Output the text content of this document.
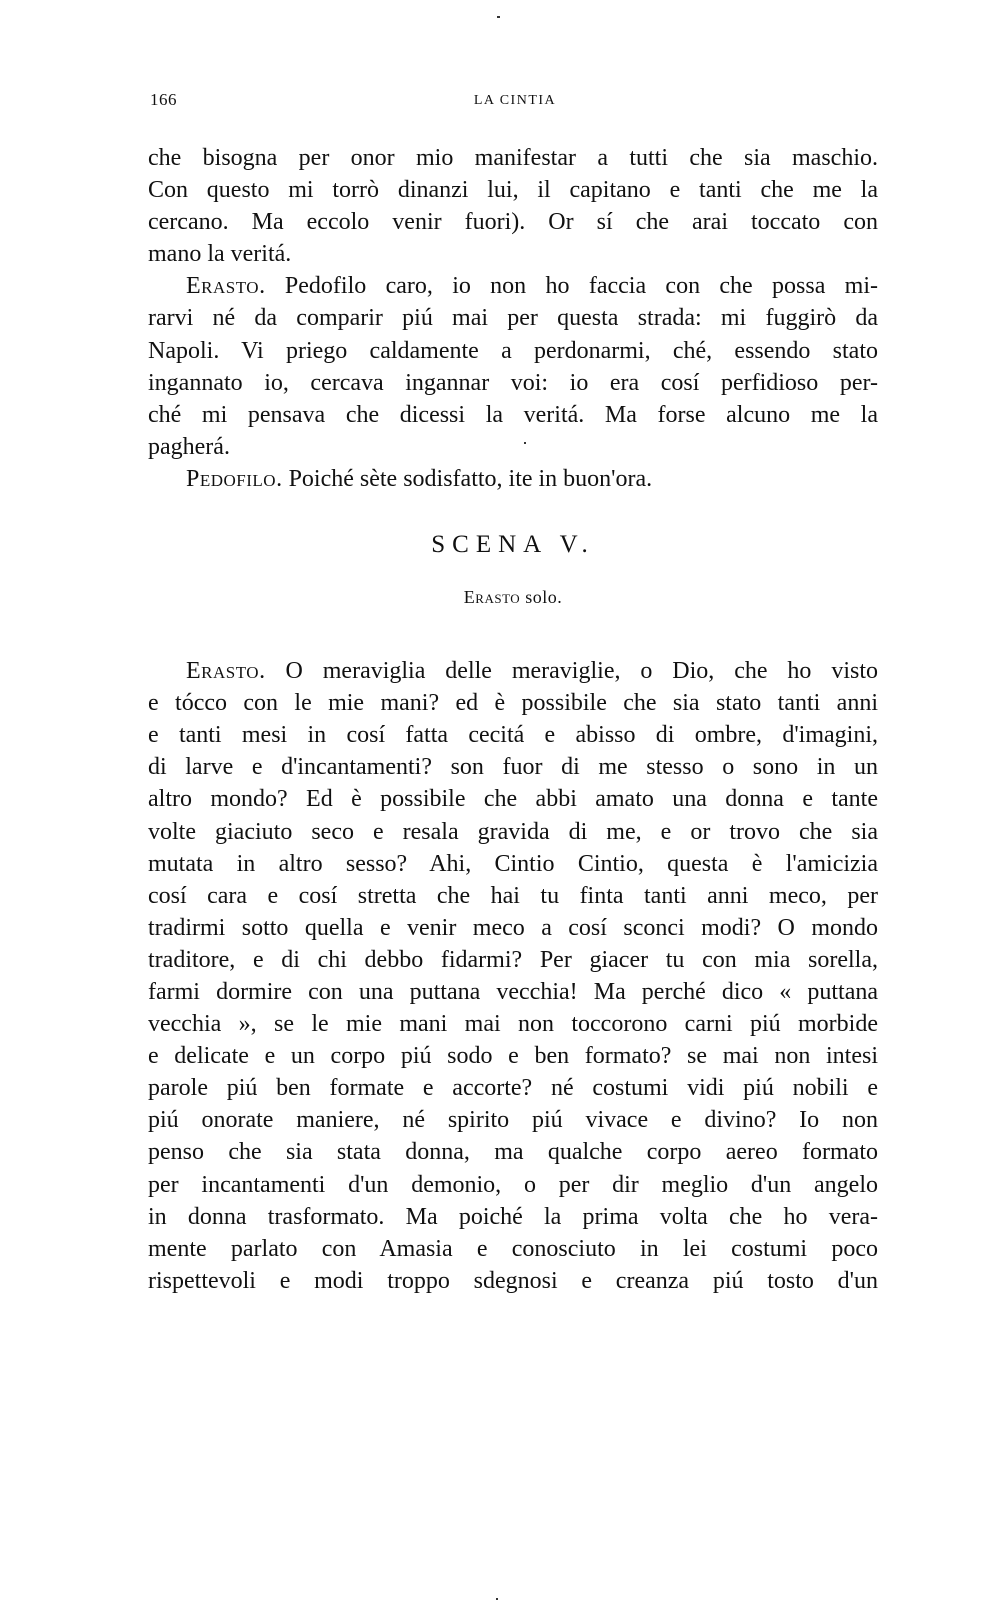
166	LA CINTIA
che bisogna per onor mio manifestar a tutti che sia maschio.
Con questo mi torrò dinanzi lui, il capitano e tanti che me la
cercano. Ma eccolo venir fuori). Or sí che arai toccato con
mano la veritá.
Erasto. Pedofilo caro, io non ho faccia con che possa mi-
rarvi né da comparir piú mai per questa strada: mi fuggirò da
Napoli. Vi priego caldamente a perdonarmi, ché, essendo stato
ingannato io, cercava ingannar voi: io era cosí perfidioso per-
ché mi pensava che dicessi la veritá. Ma forse alcuno me la
pagherá.
Pedofilo. Poiché sète sodisfatto, ite in buon'ora.
SCENA V.
Erasto solo.
Erasto. O meraviglia delle meraviglie, o Dio, che ho visto
e tócco con le mie mani? ed è possibile che sia stato tanti anni
e tanti mesi in cosí fatta cecitá e abisso di ombre, d'imagini,
di larve e d'incantamenti? son fuor di me stesso o sono in un
altro mondo? Ed è possibile che abbi amato una donna e tante
volte giaciuto seco e resala gravida di me, e or trovo che sia
mutata in altro sesso? Ahi, Cintio Cintio, questa è l'amicizia
cosí cara e cosí stretta che hai tu finta tanti anni meco, per
tradirmi sotto quella e venir meco a cosí sconci modi? O mondo
traditore, e di chi debbo fidarmi? Per giacer tu con mia sorella,
farmi dormire con una puttana vecchia! Ma perché dico « puttana
vecchia », se le mie mani mai non toccorono carni piú morbide
e delicate e un corpo piú sodo e ben formato? se mai non intesi
parole piú ben formate e accorte? né costumi vidi piú nobili e
piú onorate maniere, né spirito piú vivace e divino? Io non
penso che sia stata donna, ma qualche corpo aereo formato
per incantamenti d'un demonio, o per dir meglio d'un angelo
in donna trasformato. Ma poiché la prima volta che ho vera-
mente parlato con Amasia e conosciuto in lei costumi poco
rispettevoli e modi troppo sdegnosi e creanza piú tosto d'un
